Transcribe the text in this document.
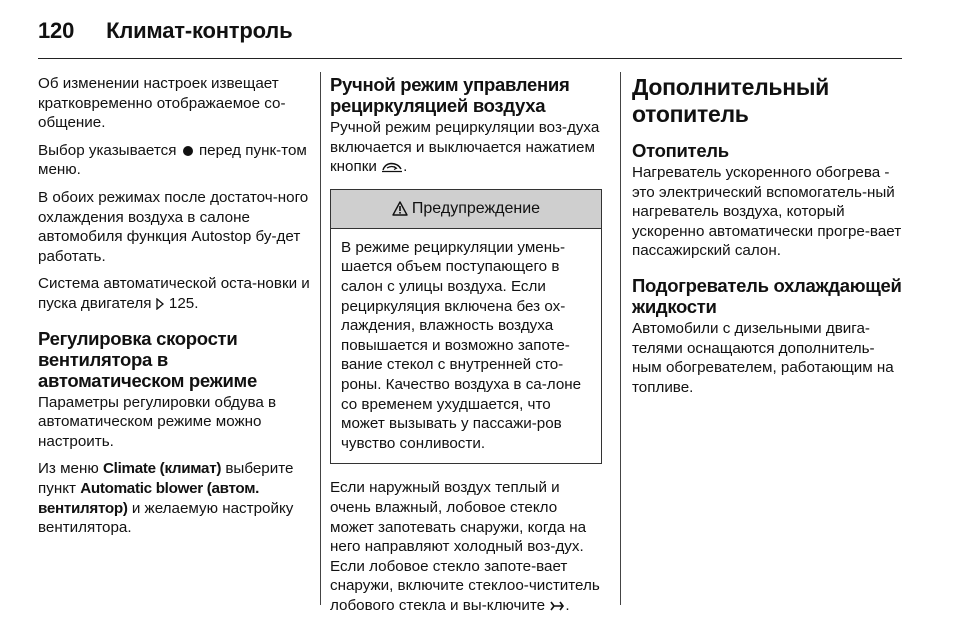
120 Климат-контроль

Об изменении настроек извещает кратковременно отображаемое со-общение.

Выбор указывается перед пунк-том меню.

В обоих режимах после достаточ-ного охлаждения воздуха в салоне автомобиля функция Autostop бу-дет работать.

Система автоматической оста-новки и пуска двигателя 125.

Регулировка скорости вентилятора в автоматическом режиме

Параметры регулировки обдува в автоматическом режиме можно настроить.

Из меню Climate (климат) выберите пункт Automatic blower (автом. вентилятор) и желаемую настройку вентилятора.

Ручной режим управления рециркуляцией воздуха

Ручной режим рециркуляции воз-духа включается и выключается нажатием кнопки .

Предупреждение
В режиме рециркуляции умень-шается объем поступающего в салон с улицы воздуха. Если рециркуляция включена без ох-лаждения, влажность воздуха повышается и возможно запоте-вание стекол с внутренней сто-роны. Качество воздуха в са-лоне со временем ухудшается, что может вызывать у пассажи-ров чувство сонливости.

Если наружный воздух теплый и очень влажный, лобовое стекло может запотевать снаружи, когда на него направляют холодный воз-дух. Если лобовое стекло запоте-вает снаружи, включите стеклоо-чиститель лобового стекла и вы-ключите .

Дополнительный отопитель
Отопитель

Нагреватель ускоренного обогрева - это электрический вспомогатель-ный нагреватель воздуха, который ускоренно автоматически прогре-вает пассажирский салон.

Подогреватель охлаждающей жидкости

Автомобили с дизельными двига-телями оснащаются дополнитель-ным обогревателем, работающим на топливе.
